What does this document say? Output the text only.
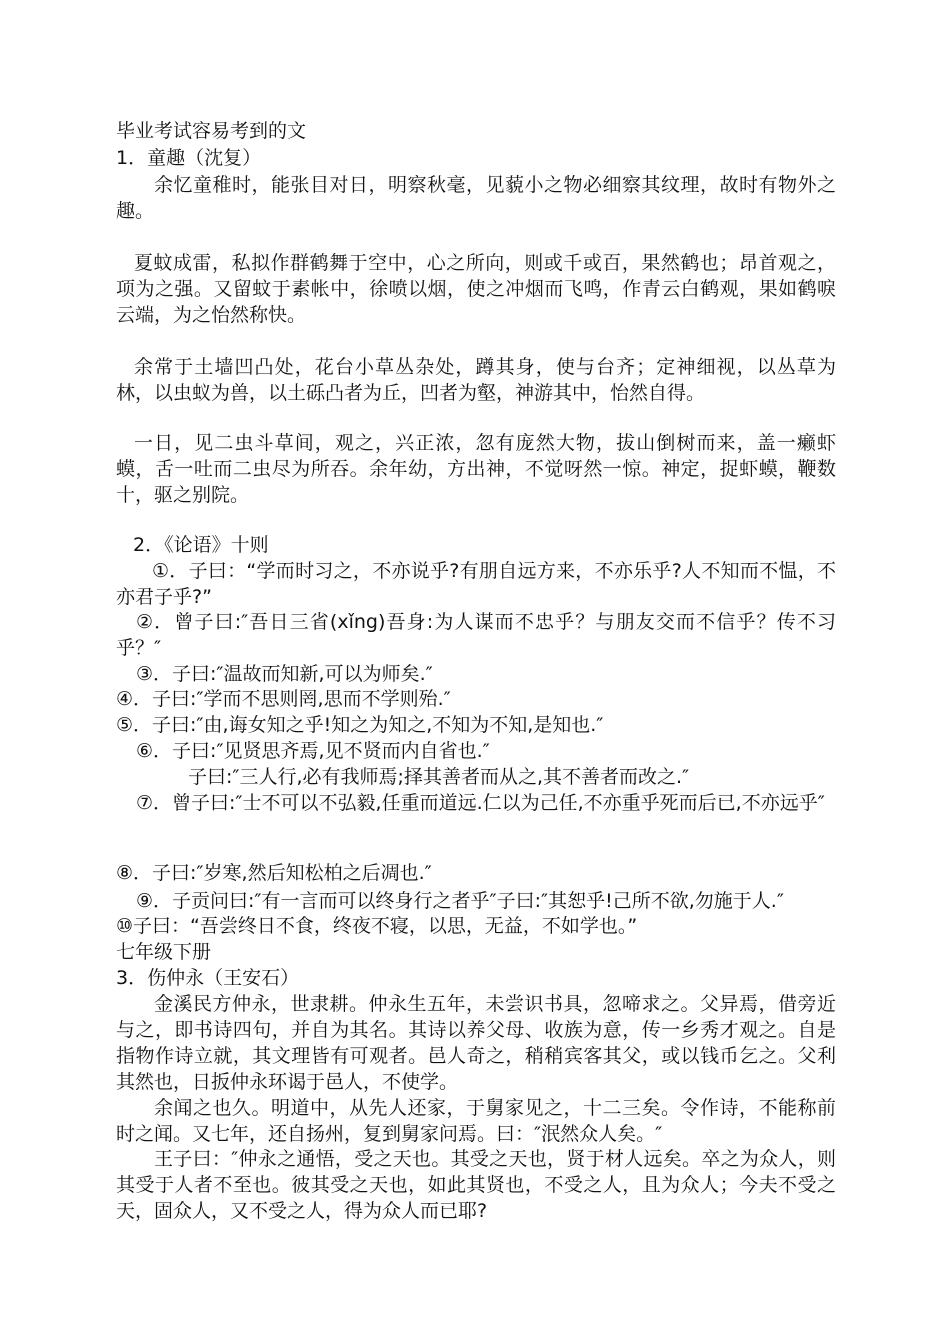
毕业考试容易考到的文
1．童趣（沈复）
余忆童稚时，能张目对日，明察秋毫，见藐小之物必细察其纹理，故时有物外之趣。
夏蚊成雷，私拟作群鹤舞于空中，心之所向，则或千或百，果然鹤也；昂首观之，项为之强。又留蚊于素帐中，徐喷以烟，使之冲烟而飞鸣，作青云白鹤观，果如鹤唳云端，为之怡然称快。
余常于土墙凹凸处，花台小草丛杂处，蹲其身，使与台齐；定神细视，以丛草为林，以虫蚁为兽，以土砾凸者为丘，凹者为壑，神游其中，怡然自得。
一日，见二虫斗草间，观之，兴正浓，忽有庞然大物，拔山倒树而来，盖一癞虾蟆，舌一吐而二虫尽为所吞。余年幼，方出神，不觉呀然一惊。神定，捉虾蟆，鞭数十，驱之别院。
2．《论语》十则
①．子曰：“学而时习之，不亦说乎?有朋自远方来，不亦乐乎?人不知而不愠，不亦君子乎?”
②．曾子曰:″吾日三省(xǐng)吾身:为人谋而不忠乎？与朋友交而不信乎？传不习乎？″
③．子曰:″温故而知新,可以为师矣.″
④．子曰:″学而不思则罔,思而不学则殆.″
⑤．子曰:″由,诲女知之乎!知之为知之,不知为不知,是知也.″
⑥．子曰:″见贤思齐焉,见不贤而内自省也.″
子曰:″三人行,必有我师焉;择其善者而从之,其不善者而改之.″
⑦．曾子曰:″士不可以不弘毅,任重而道远.仁以为己任,不亦重乎死而后已,不亦远乎″
⑧．子曰:″岁寒,然后知松柏之后凋也.″
⑨．子贡问曰:″有一言而可以终身行之者乎″子曰:″其恕乎!己所不欲,勿施于人.″
⑩子曰：“吾尝终日不食，终夜不寝，以思，无益，不如学也。”
七年级下册
3．伤仲永（王安石）
金溪民方仲永，世隶耕。仲永生五年，未尝识书具，忽啼求之。父异焉，借旁近与之，即书诗四句，并自为其名。其诗以养父母、收族为意，传一乡秀才观之。自是指物作诗立就，其文理皆有可观者。邑人奇之，稍稍宾客其父，或以钱币乞之。父利其然也，日扳仲永环谒于邑人，不使学。
余闻之也久。明道中，从先人还家，于舅家见之，十二三矣。令作诗，不能称前时之闻。又七年，还自扬州，复到舅家问焉。曰：″泯然众人矣。″
王子曰：″仲永之通悟，受之天也。其受之天也，贤于材人远矣。卒之为众人，则其受于人者不至也。彼其受之天也，如此其贤也，不受之人，且为众人；今夫不受之天，固众人，又不受之人，得为众人而已耶?
